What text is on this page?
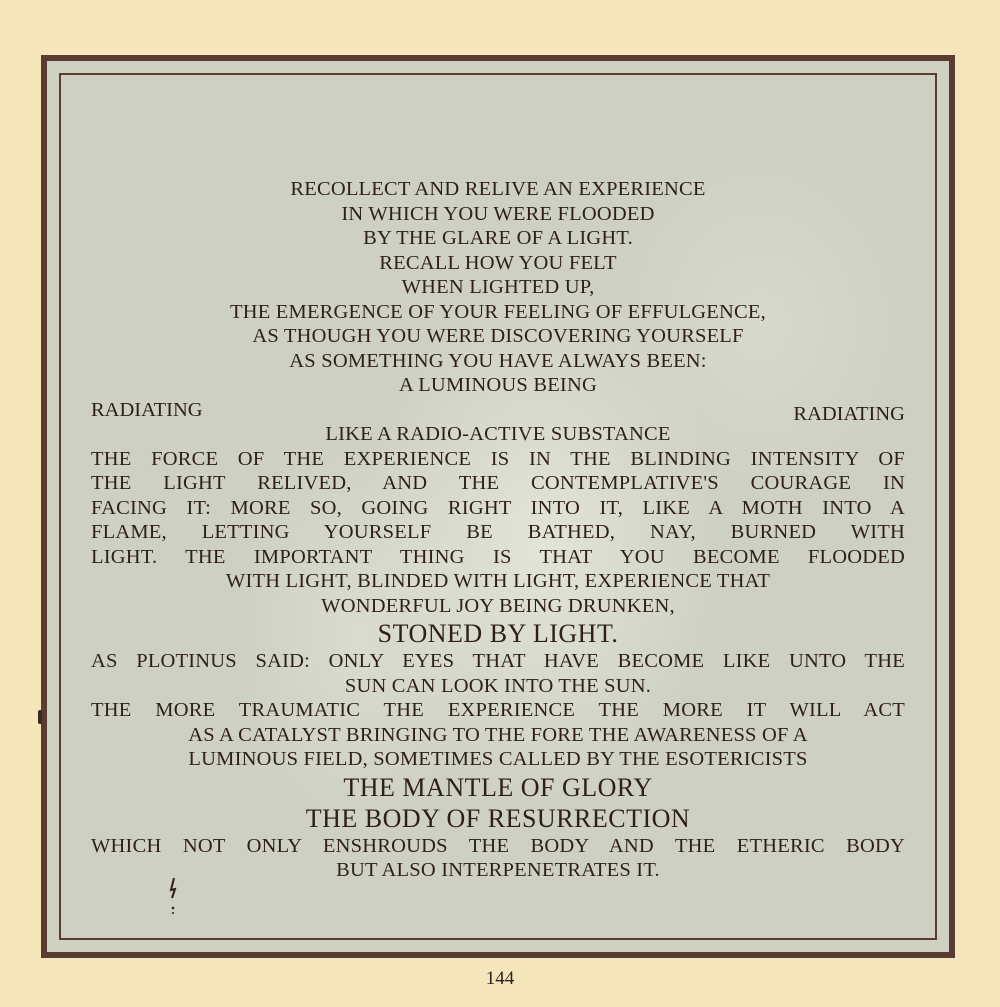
RECOLLECT AND RELIVE AN EXPERIENCE
IN WHICH YOU WERE FLOODED
BY THE GLARE OF A LIGHT.
RECALL HOW YOU FELT
WHEN LIGHTED UP,
THE EMERGENCE OF YOUR FEELING OF EFFULGENCE,
AS THOUGH YOU WERE DISCOVERING YOURSELF
AS SOMETHING YOU HAVE ALWAYS BEEN:
A LUMINOUS BEING
RADIATING	RADIATING
LIKE A RADIO-ACTIVE SUBSTANCE
THE FORCE OF THE EXPERIENCE IS IN THE BLINDING INTENSITY OF
THE LIGHT RELIVED, AND THE CONTEMPLATIVE'S COURAGE IN
FACING IT: MORE SO, GOING RIGHT INTO IT, LIKE A MOTH INTO A
FLAME, LETTING YOURSELF BE BATHED, NAY, BURNED WITH
LIGHT. THE IMPORTANT THING IS THAT YOU BECOME FLOODED
WITH LIGHT, BLINDED WITH LIGHT, EXPERIENCE THAT
WONDERFUL JOY BEING DRUNKEN,
STONED BY LIGHT.
AS PLOTINUS SAID: ONLY EYES THAT HAVE BECOME LIKE UNTO THE
SUN CAN LOOK INTO THE SUN.
THE MORE TRAUMATIC THE EXPERIENCE THE MORE IT WILL ACT
AS A CATALYST BRINGING TO THE FORE THE AWARENESS OF A
LUMINOUS FIELD, SOMETIMES CALLED BY THE ESOTERICISTS
THE MANTLE OF GLORY
THE BODY OF RESURRECTION
WHICH NOT ONLY ENSHROUDS THE BODY AND THE ETHERIC BODY
BUT ALSO INTERPENETRATES IT.
144
